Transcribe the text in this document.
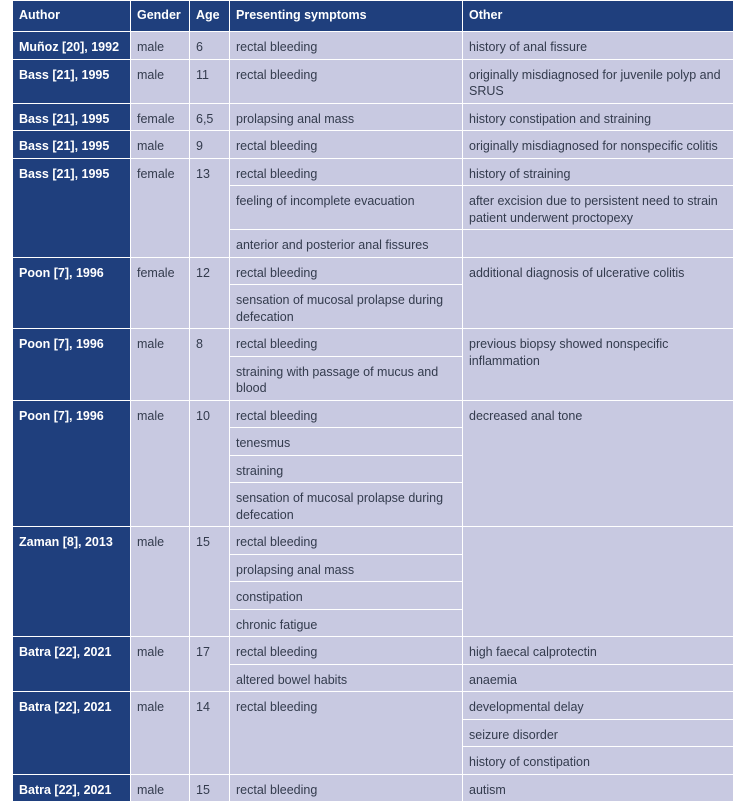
Author	Gender	Age	Presenting symptoms	Other
Muñoz [20], 1992	male	6	rectal bleeding	history of anal fissure
Bass [21], 1995	male	11	rectal bleeding	originally misdiagnosed for juvenile polyp and SRUS
Bass [21], 1995	female	6,5	prolapsing anal mass	history constipation and straining
Bass [21], 1995	male	9	rectal bleeding	originally misdiagnosed for nonspecific colitis
Bass [21], 1995	female	13	rectal bleeding	history of straining
			feeling of incomplete evacuation	after excision due to persistent need to strain patient underwent proctopexy
			anterior and posterior anal fissures	
Poon [7], 1996	female	12	rectal bleeding	additional diagnosis of ulcerative colitis
			sensation of mucosal prolapse during defecation	
Poon [7], 1996	male	8	rectal bleeding	previous biopsy showed nonspecific inflammation
			straining with passage of mucus and blood	
Poon [7], 1996	male	10	rectal bleeding	decreased anal tone
			tenesmus	
			straining	
			sensation of mucosal prolapse during defecation	
Zaman [8], 2013	male	15	rectal bleeding	
			prolapsing anal mass	
			constipation	
			chronic fatigue	
Batra [22], 2021	male	17	rectal bleeding	high faecal calprotectin
			altered bowel habits	anaemia
Batra [22], 2021	male	14	rectal bleeding	developmental delay
				seizure disorder
				history of constipation
Batra [22], 2021	male	15	rectal bleeding	autism
